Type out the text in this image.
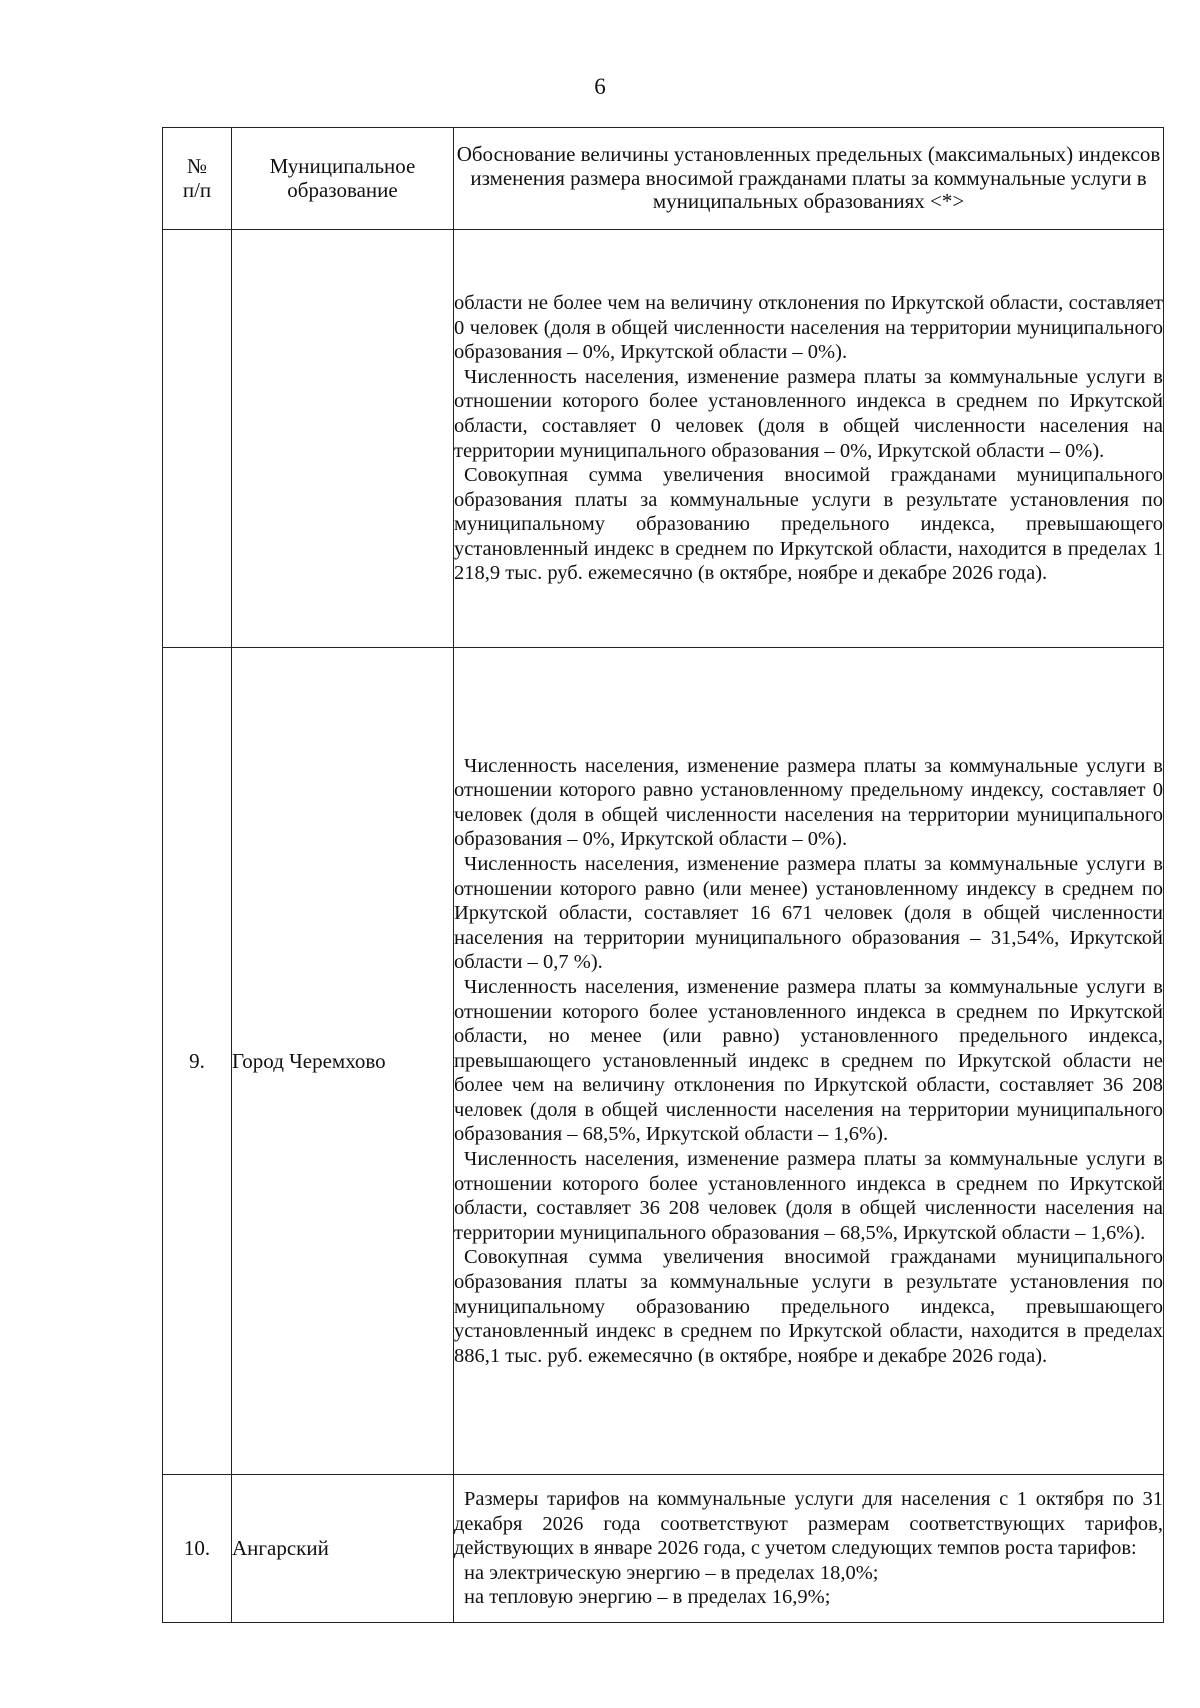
6
№ п/п	Муниципальное образование	Обоснование величины установленных предельных (максимальных) индексов изменения размера вносимой гражданами платы за коммунальные услуги в муниципальных образованиях <*>

		области не более чем на величину отклонения по Иркутской области, составляет 0 человек (доля в общей численности населения на территории муниципального образования – 0%, Иркутской области – 0%).

Численность населения, изменение размера платы за коммунальные услуги в отношении которого более установленного индекса в среднем по Иркутской области, составляет 0 человек (доля в общей численности населения на территории муниципального образования – 0%, Иркутской области – 0%).

Совокупная сумма увеличения вносимой гражданами муниципального образования платы за коммунальные услуги в результате установления по муниципальному образованию предельного индекса, превышающего установленный индекс в среднем по Иркутской области, находится в пределах 1 218,9 тыс. руб. ежемесячно (в октябре, ноябре и декабре 2026 года).

9.	Город Черемхово	Численность населения, изменение размера платы за коммунальные услуги в отношении которого равно установленному предельному индексу, составляет 0 человек (доля в общей численности населения на территории муниципального образования – 0%, Иркутской области – 0%).

Численность населения, изменение размера платы за коммунальные услуги в отношении которого равно (или менее) установленному индексу в среднем по Иркутской области, составляет 16 671 человек (доля в общей численности населения на территории муниципального образования – 31,54%, Иркутской области – 0,7 %).

Численность населения, изменение размера платы за коммунальные услуги в отношении которого более установленного индекса в среднем по Иркутской области, но менее (или равно) установленного предельного индекса, превышающего установленный индекс в среднем по Иркутской области не более чем на величину отклонения по Иркутской области, составляет 36 208 человек (доля в общей численности населения на территории муниципального образования – 68,5%, Иркутской области – 1,6%).

Численность населения, изменение размера платы за коммунальные услуги в отношении которого более установленного индекса в среднем по Иркутской области, составляет 36 208 человек (доля в общей численности населения на территории муниципального образования – 68,5%, Иркутской области – 1,6%).

Совокупная сумма увеличения вносимой гражданами муниципального образования платы за коммунальные услуги в результате установления по муниципальному образованию предельного индекса, превышающего установленный индекс в среднем по Иркутской области, находится в пределах 886,1 тыс. руб. ежемесячно (в октябре, ноябре и декабре 2026 года).

10.	Ангарский	Размеры тарифов на коммунальные услуги для населения с 1 октября по 31 декабря 2026 года соответствуют размерам соответствующих тарифов, действующих в январе 2026 года, с учетом следующих темпов роста тарифов:

на электрическую энергию – в пределах 18,0%;

на тепловую энергию – в пределах 16,9%;
